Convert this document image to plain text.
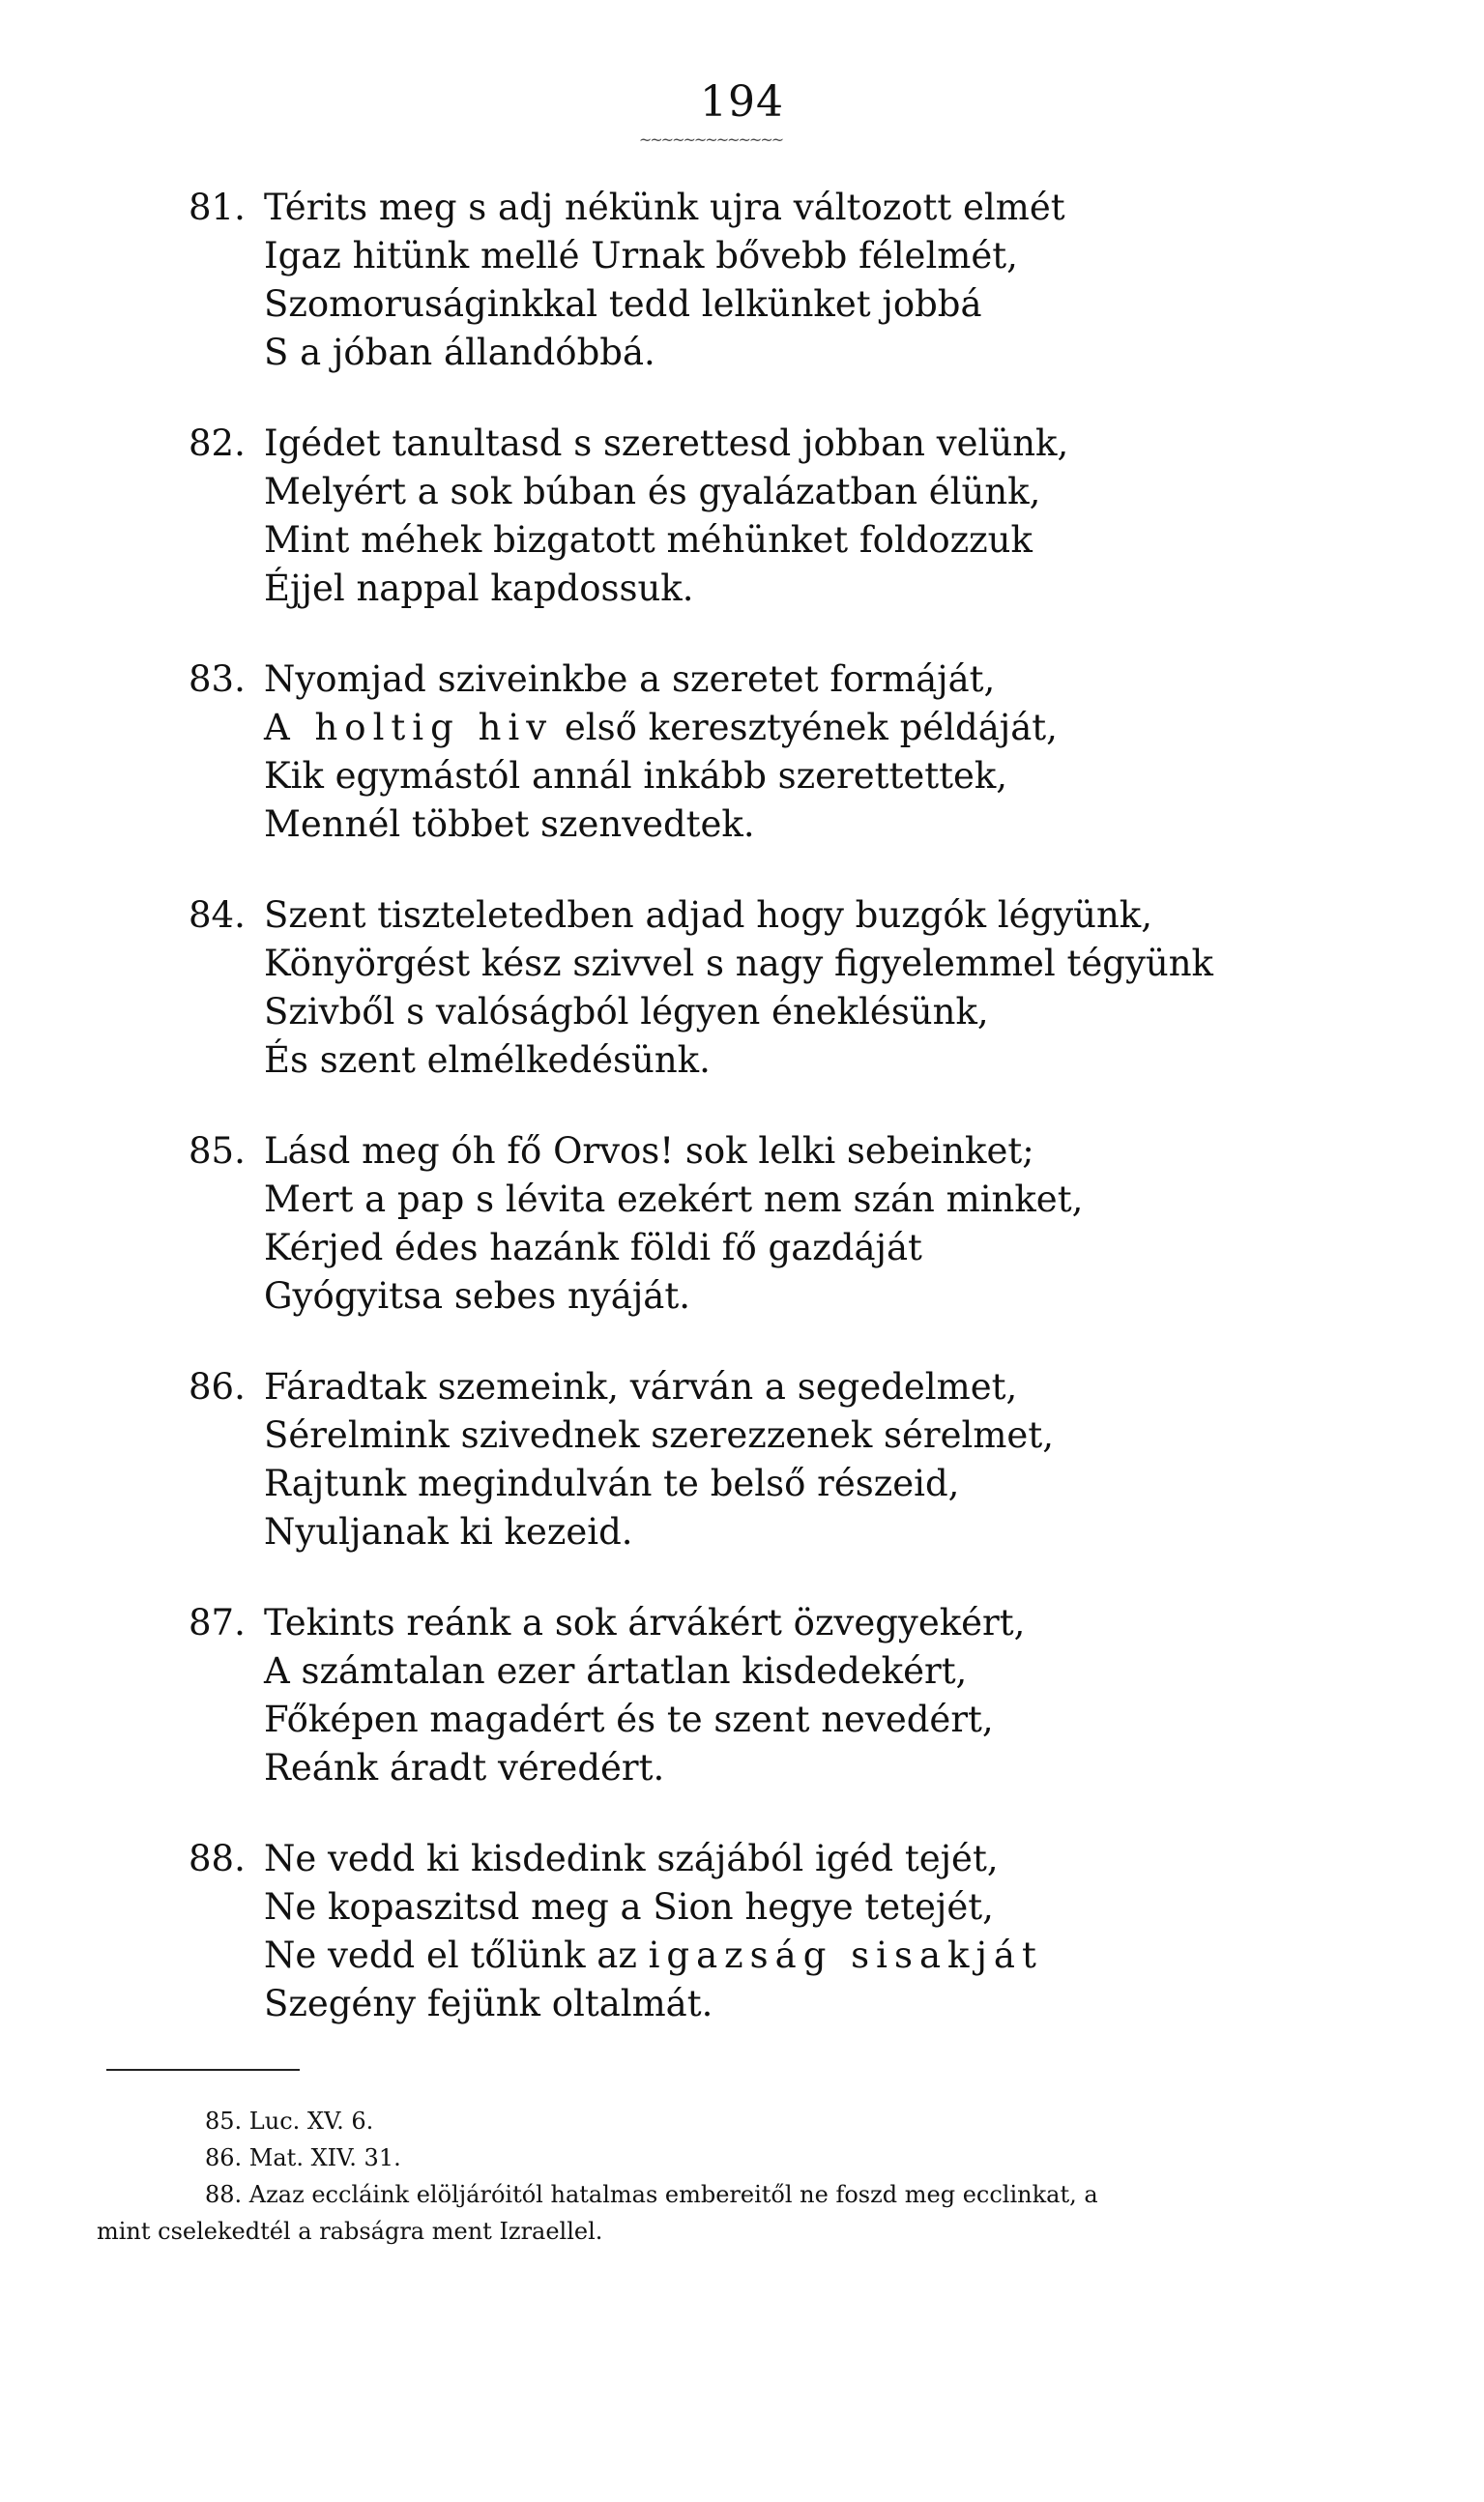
194
~~~~~~~~~~~~~
81. Térits meg s adj nékünk ujra változott elmét
Igaz hitünk mellé Urnak bővebb félelmét,
Szomoruságinkkal tedd lelkünket jobbá
S a jóban állandóbbá.
82. Igédet tanultasd s szerettesd jobban velünk,
Melyért a sok búban és gyalázatban élünk,
Mint méhek bizgatott méhünket foldozzuk
Éjjel nappal kapdossuk.
83. Nyomjad sziveinkbe a szeretet formáját,
A holtig hiv első keresztyének példáját,
Kik egymástól annál inkább szerettettek,
Mennél többet szenvedtek.
84. Szent tiszteletedben adjad hogy buzgók légyünk,
Könyörgést kész szivvel s nagy figyelemmel tégyünk
Szivből s valóságból légyen éneklésünk,
És szent elmélkedésünk.
85. Lásd meg óh fő Orvos! sok lelki sebeinket;
Mert a pap s lévita ezekért nem szán minket,
Kérjed édes hazánk földi fő gazdáját
Gyógyitsa sebes nyáját.
86. Fáradtak szemeink, várván a segedelmet,
Sérelmink szivednek szerezzenek sérelmet,
Rajtunk megindulván te belső részeid,
Nyuljanak ki kezeid.
87. Tekints reánk a sok árvákért özvegyekért,
A számtalan ezer ártatlan kisdedekért,
Főképen magadért és te szent nevedért,
Reánk áradt véredért.
88. Ne vedd ki kisdedink szájából igéd tejét,
Ne kopaszitsd meg a Sion hegye tetejét,
Ne vedd el tőlünk az igazság sisakját
Szegény fejünk oltalmát.
85. Luc. XV. 6.
86. Mat. XIV. 31.
88. Azaz eccláink elöljáróitól hatalmas embereitől ne foszd meg ecclinkat, a
mint cselekedtél a rabságra ment Izraellel.
